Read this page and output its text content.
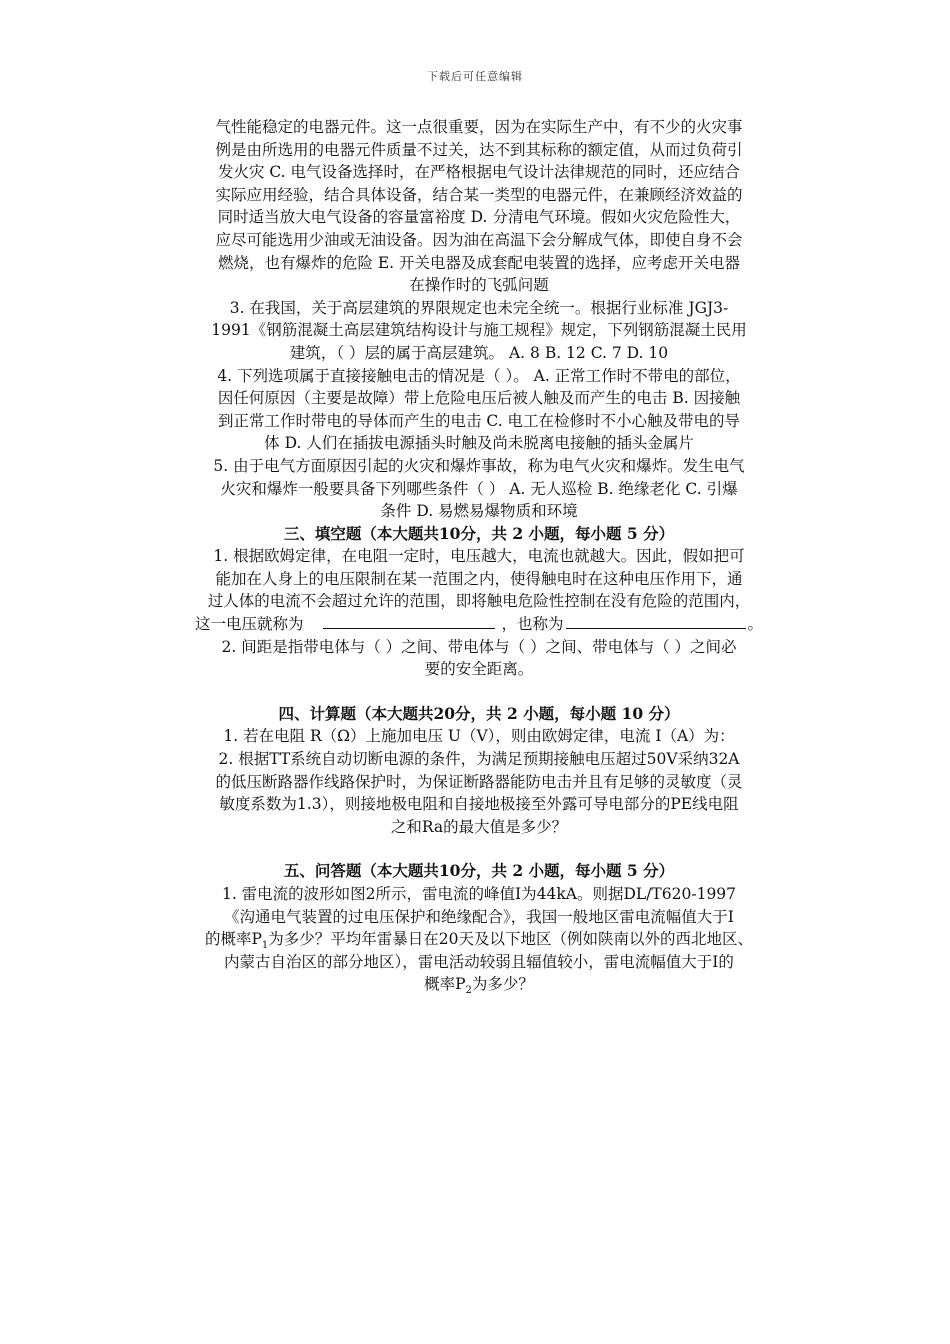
下载后可任意编辑

气性能稳定的电器元件。这一点很重要，因为在实际生产中，有不少的火灾事

例是由所选用的电器元件质量不过关，达不到其标称的额定值，从而过负荷引

发火灾 C. 电气设备选择时，在严格根据电气设计法律规范的同时，还应结合

实际应用经验，结合具体设备，结合某一类型的电器元件，在兼顾经济效益的

同时适当放大电气设备的容量富裕度 D. 分清电气环境。假如火灾危险性大，

应尽可能选用少油或无油设备。因为油在高温下会分解成气体，即使自身不会

燃烧，也有爆炸的危险 E. 开关电器及成套配电装置的选择，应考虑开关电器

在操作时的飞弧问题

3. 在我国，关于高层建筑的界限规定也未完全统一。根据行业标准 JGJ3-

1991《钢筋混凝土高层建筑结构设计与施工规程》规定，下列钢筋混凝土民用

建筑，（ ）层的属于高层建筑。 A. 8 B. 12 C. 7 D. 10

4. 下列选项属于直接接触电击的情况是（ ）。 A. 正常工作时不带电的部位，

因任何原因（主要是故障）带上危险电压后被人触及而产生的电击 B. 因接触

到正常工作时带电的导体而产生的电击 C. 电工在检修时不小心触及带电的导

体 D. 人们在插拔电源插头时触及尚未脱离电接触的插头金属片

5. 由于电气方面原因引起的火灾和爆炸事故，称为电气火灾和爆炸。发生电气

火灾和爆炸一般要具备下列哪些条件（ ） A. 无人巡检 B. 绝缘老化 C. 引爆

条件 D. 易燃易爆物质和环境

三、填空题（本大题共10分，共 2 小题，每小题 5 分）

1. 根据欧姆定律，在电阻一定时，电压越大，电流也就越大。因此，假如把可

能加在人身上的电压限制在某一范围之内，使得触电时在这种电压作用下，通

过人体的电流不会超过允许的范围，即将触电危险性控制在没有危险的范围内，

这一电压就称为	，也称为	。

2. 间距是指带电体与（ ）之间、带电体与（ ）之间、带电体与（ ）之间必

要的安全距离。

四、计算题（本大题共20分，共 2 小题，每小题 10 分）

1. 若在电阻 R（Ω）上施加电压 U（V），则由欧姆定律，电流 I（A）为：

2. 根据TT系统自动切断电源的条件，为满足预期接触电压超过50V采纳32A

的低压断路器作线路保护时，为保证断路器能防电击并且有足够的灵敏度（灵

敏度系数为1.3），则接地极电阻和自接地极接至外露可导电部分的PE线电阻

之和Ra的最大值是多少？

五、问答题（本大题共10分，共 2 小题，每小题 5 分）

1. 雷电流的波形如图2所示，雷电流的峰值I为44kA。则据DL/T620-1997

《沟通电气装置的过电压保护和绝缘配合》，我国一般地区雷电流幅值大于I

的概率$P_1$为多少？平均年雷暴日在20天及以下地区（例如陕南以外的西北地区、

内蒙古自治区的部分地区），雷电活动较弱且辐值较小，雷电流幅值大于I的

概率$P_2$为多少？
